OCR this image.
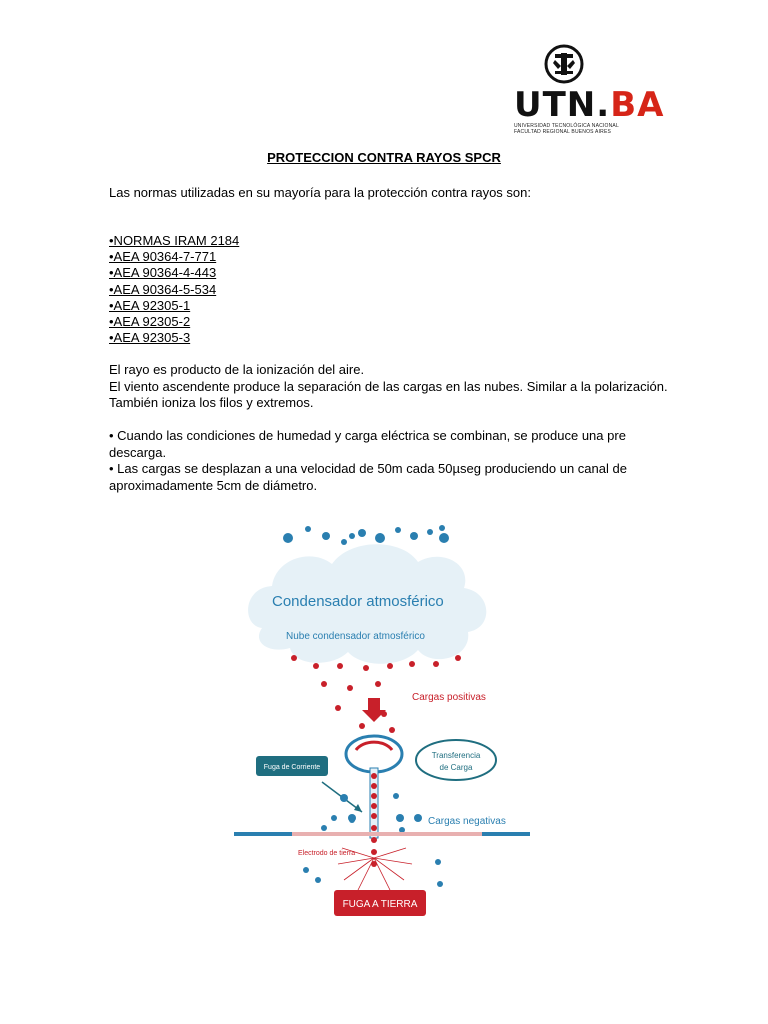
UTN.BA
UNIVERSIDAD TECNOLÓGICA NACIONAL
FACULTAD REGIONAL BUENOS AIRES
PROTECCION CONTRA RAYOS SPCR
Las normas utilizadas en su mayoría para la protección contra rayos son:
•NORMAS IRAM 2184
•AEA 90364-7-771
•AEA 90364-4-443
•AEA 90364-5-534
•AEA 92305-1
•AEA 92305-2
•AEA 92305-3
El rayo es producto de la ionización del aire.
El viento ascendente produce la separación de las cargas en las nubes. Similar a la polarización.
También ioniza los filos y extremos.
• Cuando las condiciones de humedad y carga eléctrica se combinan, se produce una pre descarga.
• Las cargas se desplazan a una velocidad de 50m cada 50µseg produciendo un canal de aproximadamente 5cm de diámetro.
Condensador atmosférico
Nube condensador atmosférico
Cargas positivas
Transferencia
de Carga
Fuga de Corriente
Cargas negativas
Electrodo de tierra
FUGA A TIERRA
